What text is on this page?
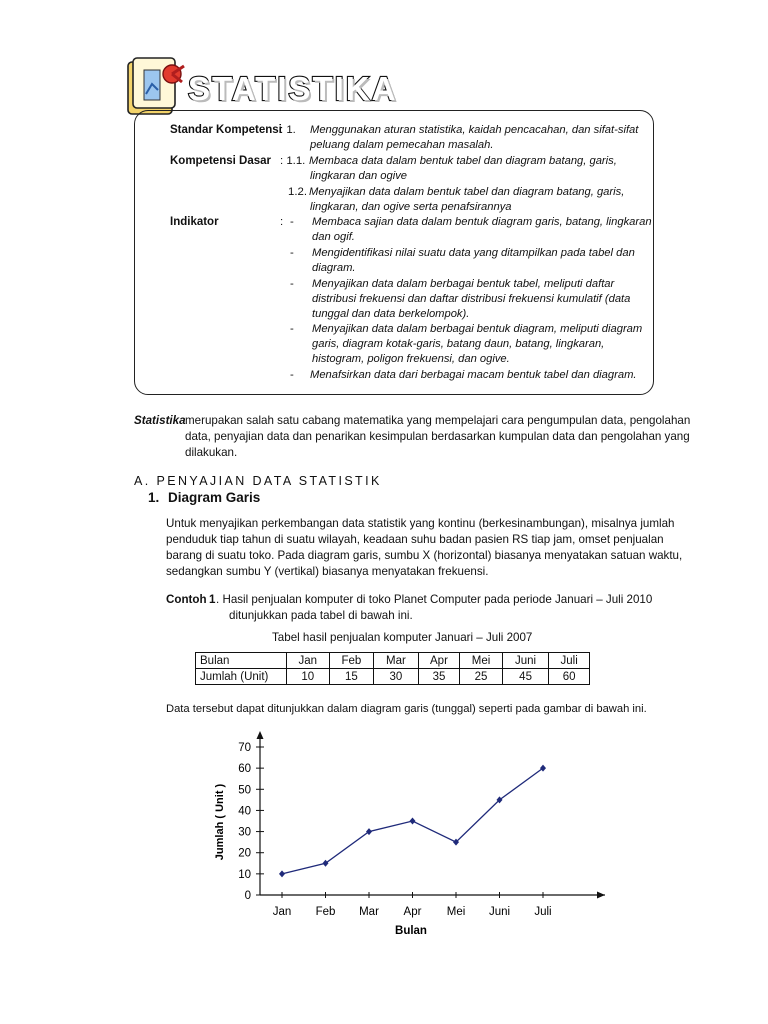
STATISTIKA
Standar Kompetensi
: 1. Menggunakan aturan statistika, kaidah pencacahan, dan sifat-sifat
peluang dalam pemecahan masalah.
Kompetensi Dasar : 1.1. Membaca data dalam bentuk tabel dan diagram batang, garis,
lingkaran dan ogive
1.2. Menyajikan data dalam bentuk tabel dan diagram batang, garis,
lingkaran, dan ogive serta penafsirannya
Indikator	: - Membaca sajian data dalam bentuk diagram garis, batang, lingkaran
dan ogif.
- Mengidentifikasi nilai suatu data yang ditampilkan pada tabel dan
diagram.
- Menyajikan data dalam berbagai bentuk tabel, meliputi daftar
distribusi frekuensi dan daftar distribusi frekuensi kumulatif (data
tunggal dan data berkelompok).
- Menyajikan data dalam berbagai bentuk diagram, meliputi diagram
garis, diagram kotak-garis, batang daun, batang, lingkaran,
histogram, poligon frekuensi, dan ogive.
- Menafsirkan data dari berbagai macam bentuk tabel dan diagram.
Statistika merupakan salah satu cabang matematika yang mempelajari cara pengumpulan data, pengolahan
data, penyajian data dan penarikan kesimpulan berdasarkan kumpulan data dan pengolahan yang
dilakukan.
A. PENYAJIAN DATA STATISTIK
1. Diagram Garis
Untuk menyajikan perkembangan data statistik yang kontinu (berkesinambungan), misalnya jumlah
penduduk tiap tahun di suatu wilayah, keadaan suhu badan pasien RS tiap jam, omset penjualan
barang di suatu toko. Pada diagram garis, sumbu X (horizontal) biasanya menyatakan satuan waktu,
sedangkan sumbu Y (vertikal) biasanya menyatakan frekuensi.
Contoh 1 . Hasil penjualan komputer di toko Planet Computer pada periode Januari – Juli 2010
ditunjukkan pada tabel di bawah ini.
Tabel hasil penjualan komputer Januari – Juli 2007
Bulan	Jan	Feb	Mar	Apr	Mei	Juni	Juli
Jumlah (Unit)	10	15	30	35	25	45	60
Data tersebut dapat ditunjukkan dalam diagram garis (tunggal) seperti pada gambar di bawah ini.
0
10
20
30
40
50
60
70
Jan Feb Mar Apr Mei Juni Juli
Jumlah ( Unit )
Bulan
